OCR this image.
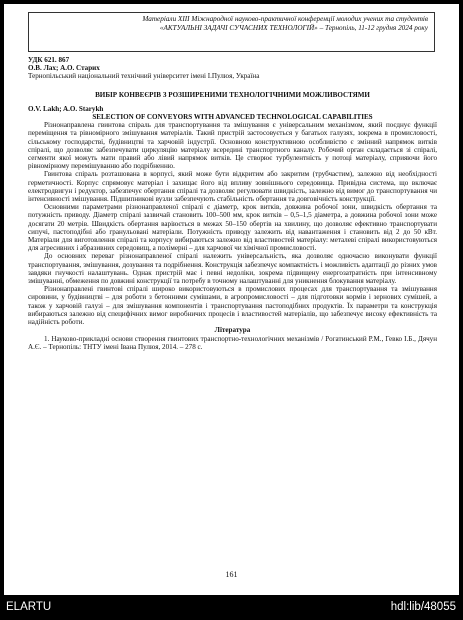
Матеріали XIII Міжнародної науково-практичної конференції молодих учених та студентів
«АКТУАЛЬНІ ЗАДАЧІ СУЧАСНИХ ТЕХНОЛОГІЙ» – Тернопіль, 11-12 грудня 2024 року
УДК 621. 867
О.В. Лах; А.О. Старих
Тернопільський національний технічний університет імені І.Пулюя, Україна
ВИБІР КОНВЕЄРІВ З РОЗШИРЕНИМИ ТЕХНОЛОГІЧНИМИ МОЖЛИВОСТЯМИ
O.V. Lakh; A.O. Starykh
SELECTION OF CONVEYORS WITH ADVANCED TECHNOLOGICAL CAPABILITIES

Різнонаправлена гвинтова спіраль для транспортування та змішування є універсальним механізмом, який поєднує функції переміщення та рівномірного змішування матеріалів. Такий пристрій застосовується у багатьох галузях, зокрема в промисловості, сільському господарстві, будівництві та харчовій індустрії. Основною конструктивною особливістю є змінний напрямок витків спіралі, що дозволяє забезпечувати циркуляцію матеріалу всередині транспортного каналу. Робочий орган складається зі спіралі, сегменти якої можуть мати правий або лівий напрямок витків. Це створює турбулентність у потоці матеріалу, сприяючи його рівномірному перемішуванню або подрібненню.

Гвинтова спіраль розташована в корпусі, який може бути відкритим або закритим (трубчастим), залежно від необхідності герметичності. Корпус спрямовує матеріал і захищає його від впливу зовнішнього середовища. Привідна система, що включає електродвигун і редуктор, забезпечує обертання спіралі та дозволяє регулювати швидкість, залежно від вимог до транспортування чи інтенсивності змішування. Підшипникові вузли забезпечують стабільність обертання та довговічність конструкції.

Основними параметрами різнонаправленої спіралі є діаметр, крок витків, довжина робочої зони, швидкість обертання та потужність приводу. Діаметр спіралі зазвичай становить 100–500 мм, крок витків – 0,5–1,5 діаметра, а довжина робочої зони може досягати 20 метрів. Швидкість обертання варіюється в межах 50–150 обертів на хвилину, що дозволяє ефективно транспортувати сипучі, пастоподібні або гранульовані матеріали. Потужність приводу залежить від навантаження і становить від 2 до 50 кВт. Матеріали для виготовлення спіралі та корпусу вибираються залежно від властивостей матеріалу: металеві спіралі використовуються для агресивних і абразивних середовищ, а полімерні – для харчової чи хімічної промисловості.

До основних переваг різнонаправленої спіралі належить універсальність, яка дозволяє одночасно виконувати функції транспортування, змішування, дозування та подрібнення. Конструкція забезпечує компактність і можливість адаптації до різних умов завдяки гнучкості налаштувань. Однак пристрій має і певні недоліки, зокрема підвищену енергозатратність при інтенсивному змішуванні, обмеження по довжині конструкції та потребу в точному налаштуванні для уникнення блокування матеріалу.

Різнонаправлені гвинтові спіралі широко використовуються в промислових процесах для транспортування та змішування сировини, у будівництві – для роботи з бетонними сумішами, в агропромисловості – для підготовки кормів і зернових сумішей, а також у харчовій галузі – для змішування компонентів і транспортування пастоподібних продуктів. Їх параметри та конструкція вибираються залежно від специфічних вимог виробничих процесів і властивостей матеріалів, що забезпечує високу ефективність та надійність роботи.

Література

1. Науково-прикладні основи створення гвинтових транспортно-технологічних механізмів / Рогатинський Р.М., Гевко І.Б., Дячун А.Є. – Тернопіль: ТНТУ імені Івана Пулюя, 2014. – 278 с.

161
ELARTU	hdl:lib/48055
